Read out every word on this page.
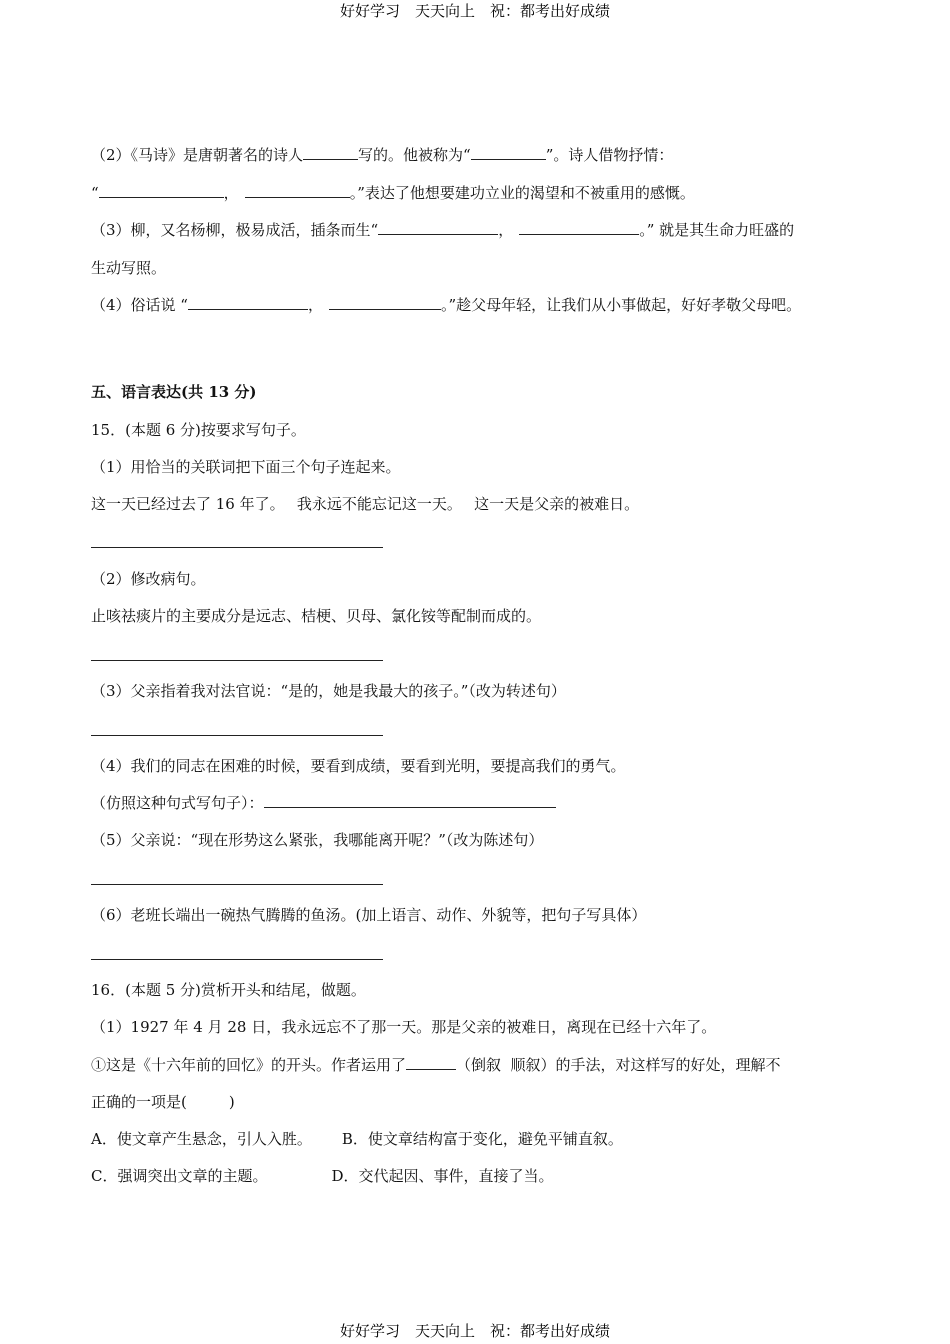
好好学习　天天向上　祝：都考出好成绩
（2）《马诗》是唐朝著名的诗人	写的。他被称为“	”。诗人借物抒情：
“	，	。”表达了他想要建功立业的渴望和不被重用的感慨。
（3）柳，又名杨柳，极易成活，插条而生“	，	。” 就是其生命力旺盛的
生动写照。
（4）俗话说 “	，	。”趁父母年轻，让我们从小事做起，好好孝敬父母吧。
五、语言表达(共 13 分)
15．(本题 6 分)按要求写句子。
（1）用恰当的关联词把下面三个句子连起来。
这一天已经过去了 16 年了。　 我永远不能忘记这一天。　 这一天是父亲的被难日。
（2）修改病句。
止咳祛痰片的主要成分是远志、桔梗、贝母、氯化铵等配制而成的。
（3）父亲指着我对法官说：“是的，她是我最大的孩子。”（改为转述句）
（4）我们的同志在困难的时候，要看到成绩，要看到光明，要提高我们的勇气。
（仿照这种句式写句子）：
（5）父亲说：“现在形势这么紧张，我哪能离开呢？”（改为陈述句）
（6）老班长端出一碗热气腾腾的鱼汤。(加上语言、动作、外貌等，把句子写具体）
16．(本题 5 分)赏析开头和结尾，做题。
（1）1927 年 4 月 28 日，我永远忘不了那一天。那是父亲的被难日，离现在已经十六年了。
①这是《十六年前的回忆》的开头。作者运用了	（倒叙  顺叙）的手法，对这样写的好处，理解不
正确的一项是(	)
A．使文章产生悬念，引人入胜。 B．使文章结构富于变化，避免平铺直叙。
C．强调突出文章的主题。	D．交代起因、事件，直接了当。
好好学习　天天向上　祝：都考出好成绩
